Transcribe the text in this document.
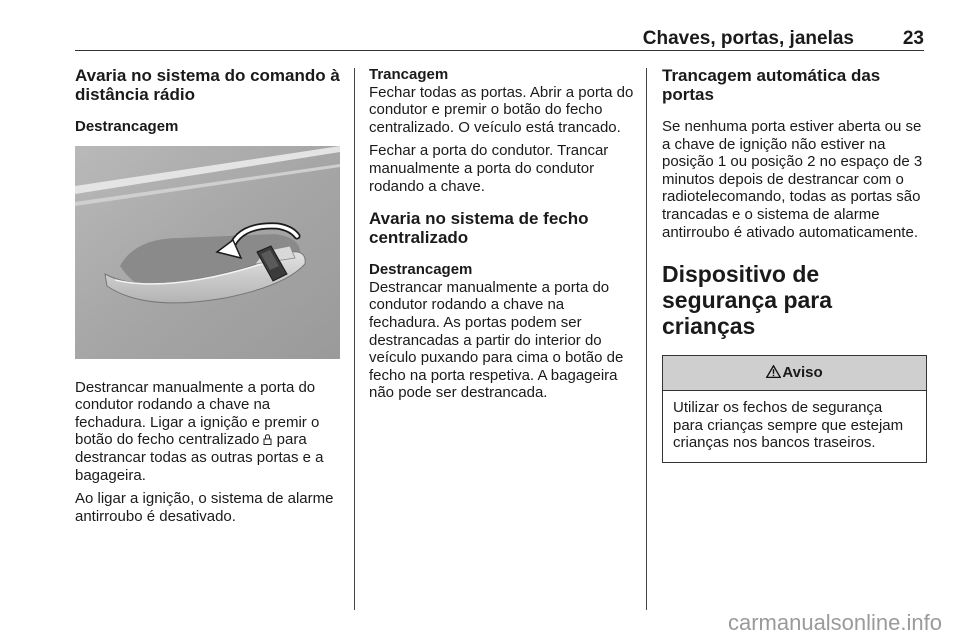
Chaves, portas, janelas	23
Avaria no sistema do comando à distância rádio
Destrancagem

Destrancar manualmente a porta do condutor rodando a chave na fechadura. Ligar a ignição e premir o botão do fecho centralizado para destrancar todas as outras portas e a bagageira.

Ao ligar a ignição, o sistema de alarme antirroubo é desativado.

Trancagem

Fechar todas as portas. Abrir a porta do condutor e premir o botão do fecho centralizado. O veículo está trancado.

Fechar a porta do condutor. Trancar manualmente a porta do condutor rodando a chave.

Avaria no sistema de fecho centralizado
Destrancagem

Destrancar manualmente a porta do condutor rodando a chave na fechadura. As portas podem ser destrancadas a partir do interior do veículo puxando para cima o botão de fecho na porta respetiva. A bagageira não pode ser destrancada.

Trancagem automática das portas

Se nenhuma porta estiver aberta ou se a chave de ignição não estiver na posição 1 ou posição 2 no espaço de 3 minutos depois de destrancar com o radiotelecomando, todas as portas são trancadas e o sistema de alarme antirroubo é ativado automaticamente.

Dispositivo de segurança para crianças
Aviso
Utilizar os fechos de segurança para crianças sempre que estejam crianças nos bancos traseiros.
carmanualsonline.info
